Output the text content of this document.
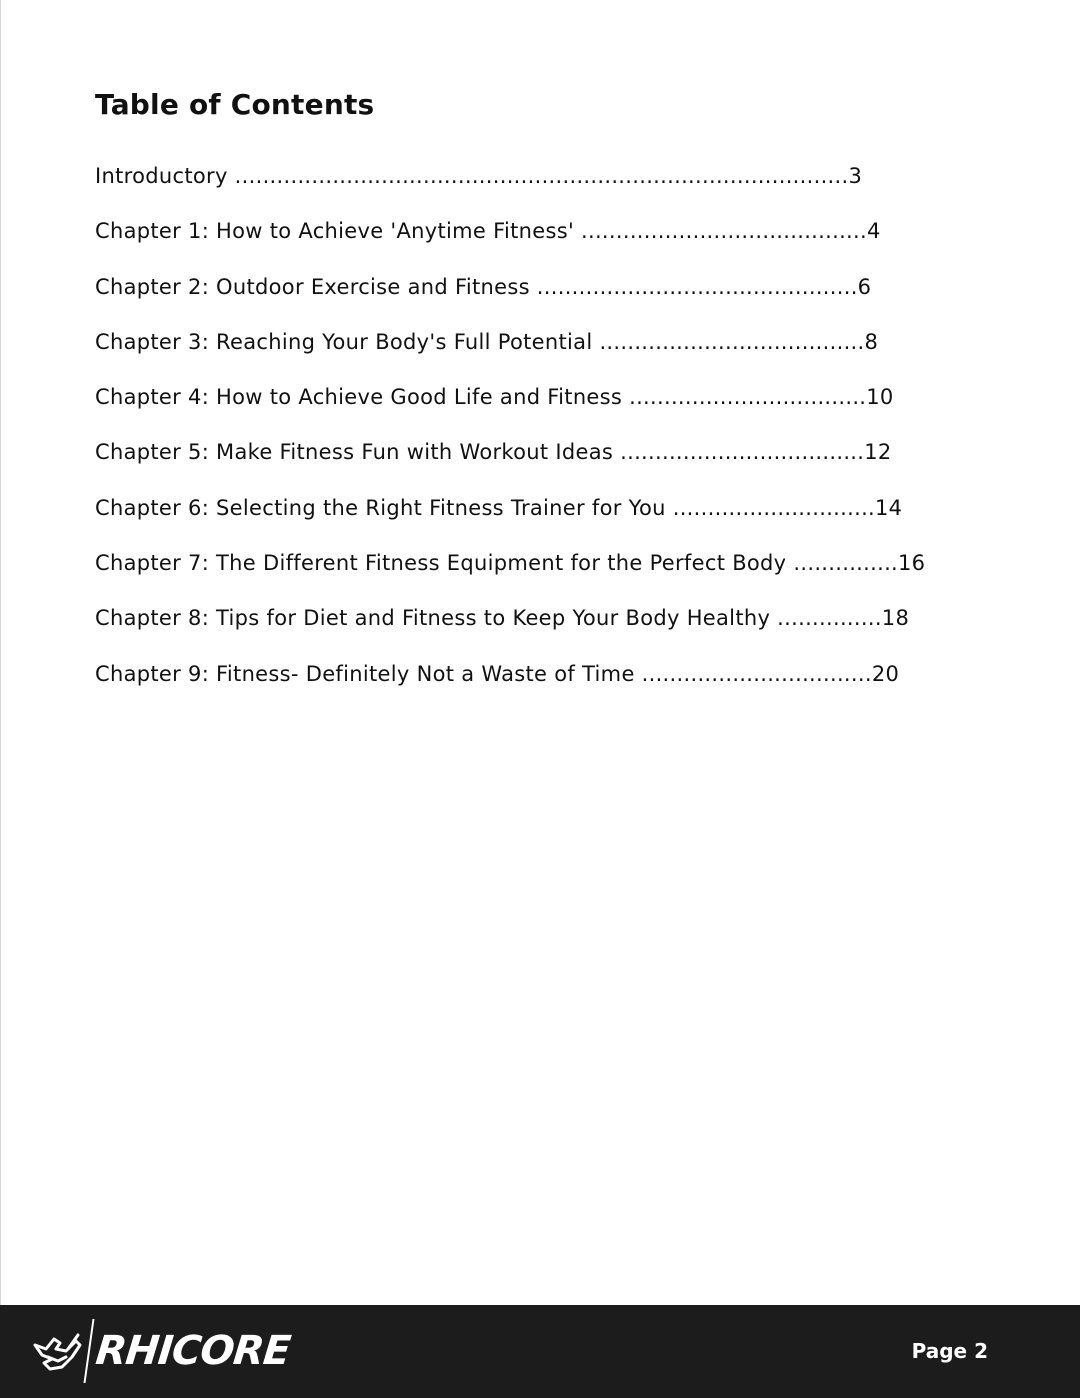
Table of Contents
Introductory ........................................................................................3
Chapter 1: How to Achieve 'Anytime Fitness' .........................................4
Chapter 2: Outdoor Exercise and Fitness ..............................................6
Chapter 3: Reaching Your Body's Full Potential ......................................8
Chapter 4: How to Achieve Good Life and Fitness ..................................10
Chapter 5: Make Fitness Fun with Workout Ideas ...................................12
Chapter 6: Selecting the Right Fitness Trainer for You .............................14
Chapter 7: The Different Fitness Equipment for the Perfect Body ...............16
Chapter 8: Tips for Diet and Fitness to Keep Your Body Healthy ...............18
Chapter 9: Fitness- Definitely Not a Waste of Time .................................20
RHICORE	Page 2
